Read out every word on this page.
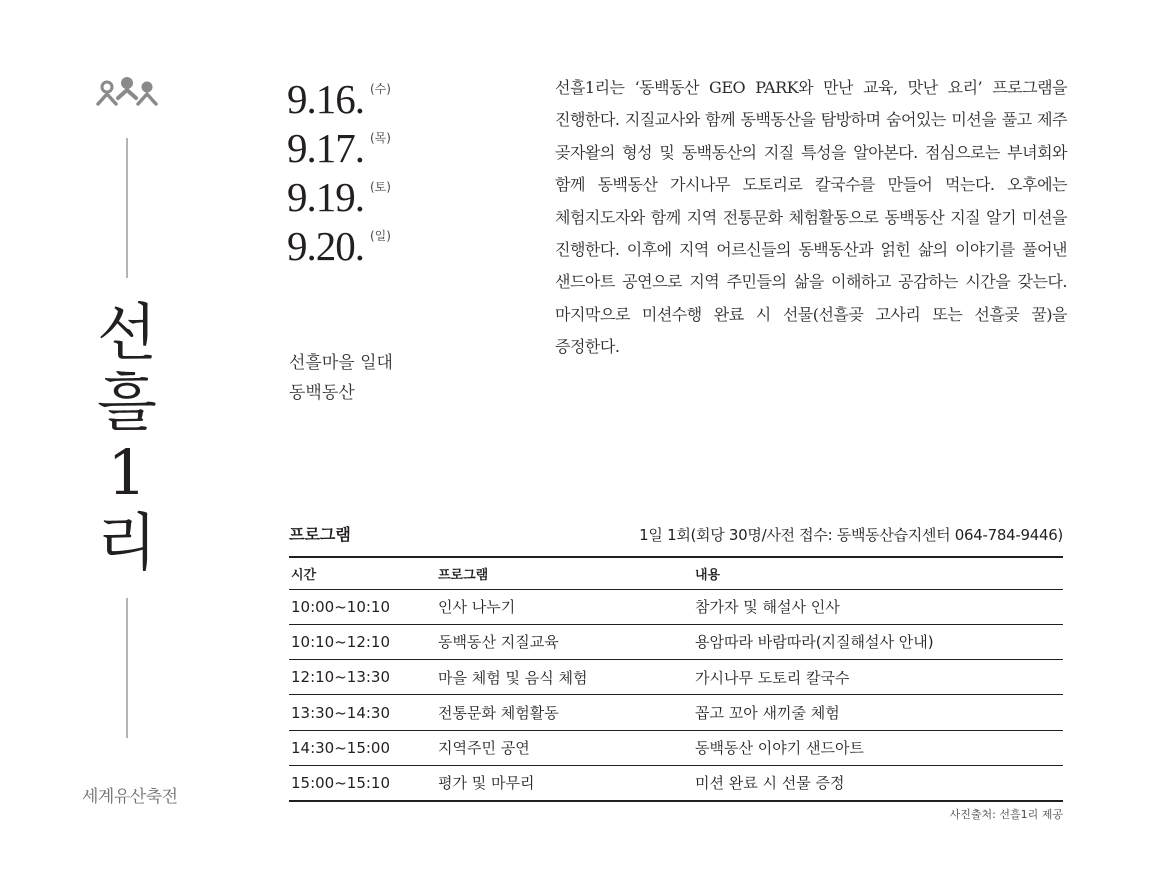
선
흘
1
리
세계유산축전
9.16. (수)
9.17. (목)
9.19. (토)
9.20. (일)
선흘마을 일대
동백동산
선흘1리는 ‘동백동산 GEO PARK와 만난 교육, 맛난 요리’ 프로그램을 진행한다. 지질교사와 함께 동백동산을 탐방하며 숨어있는 미션을 풀고 제주 곶자왈의 형성 및 동백동산의 지질 특성을 알아본다. 점심으로는 부녀회와 함께 동백동산 가시나무 도토리로 칼국수를 만들어 먹는다. 오후에는 체험지도자와 함께 지역 전통문화 체험활동으로 동백동산 지질 알기 미션을 진행한다. 이후에 지역 어르신들의 동백동산과 얽힌 삶의 이야기를 풀어낸 샌드아트 공연으로 지역 주민들의 삶을 이해하고 공감하는 시간을 갖는다. 마지막으로 미션수행 완료 시 선물(선흘곶 고사리 또는 선흘곶 꿀)을 증정한다.
프로그램	1일 1회(회당 30명/사전 접수: 동백동산습지센터 064-784-9446)
시간	프로그램	내용
10:00~10:10	인사 나누기	참가자 및 해설사 인사
10:10~12:10	동백동산 지질교육	용암따라 바람따라(지질해설사 안내)
12:10~13:30	마을 체험 및 음식 체험	가시나무 도토리 칼국수
13:30~14:30	전통문화 체험활동	꼽고 꼬아 새끼줄 체험
14:30~15:00	지역주민 공연	동백동산 이야기 샌드아트
15:00~15:10	평가 및 마무리	미션 완료 시 선물 증정
사진출처: 선흘1리 제공
